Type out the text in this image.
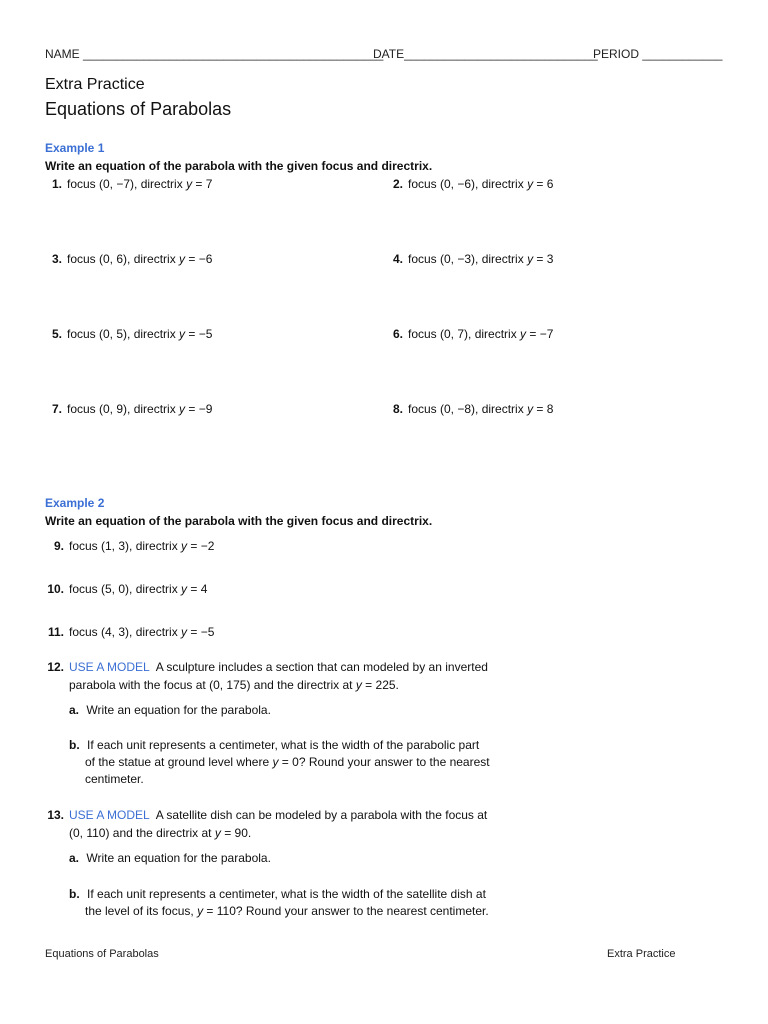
NAME _____________________________________________
DATE_____________________________
PERIOD ____________
Extra Practice
Equations of Parabolas
Example 1
Write an equation of the parabola with the given focus and directrix.
1. focus (0, −7), directrix y = 7	2. focus (0, −6), directrix y = 6
3. focus (0, 6), directrix y = −6	4. focus (0, −3), directrix y = 3
5. focus (0, 5), directrix y = −5	6. focus (0, 7), directrix y = −7
7. focus (0, 9), directrix y = −9	8. focus (0, −8), directrix y = 8
Example 2
Write an equation of the parabola with the given focus and directrix.
9. focus (1, 3), directrix y = −2
10. focus (5, 0), directrix y = 4
11. focus (4, 3), directrix y = −5
12. USE A MODEL A sculpture includes a section that can modeled by an inverted
parabola with the focus at (0, 175) and the directrix at y = 225.
a. Write an equation for the parabola.
b. If each unit represents a centimeter, what is the width of the parabolic part
of the statue at ground level where y = 0? Round your answer to the nearest
centimeter.
13. USE A MODEL A satellite dish can be modeled by a parabola with the focus at
(0, 110) and the directrix at y = 90.
a. Write an equation for the parabola.
b. If each unit represents a centimeter, what is the width of the satellite dish at
the level of its focus, y = 110? Round your answer to the nearest centimeter.
Equations of Parabolas	Extra Practice
